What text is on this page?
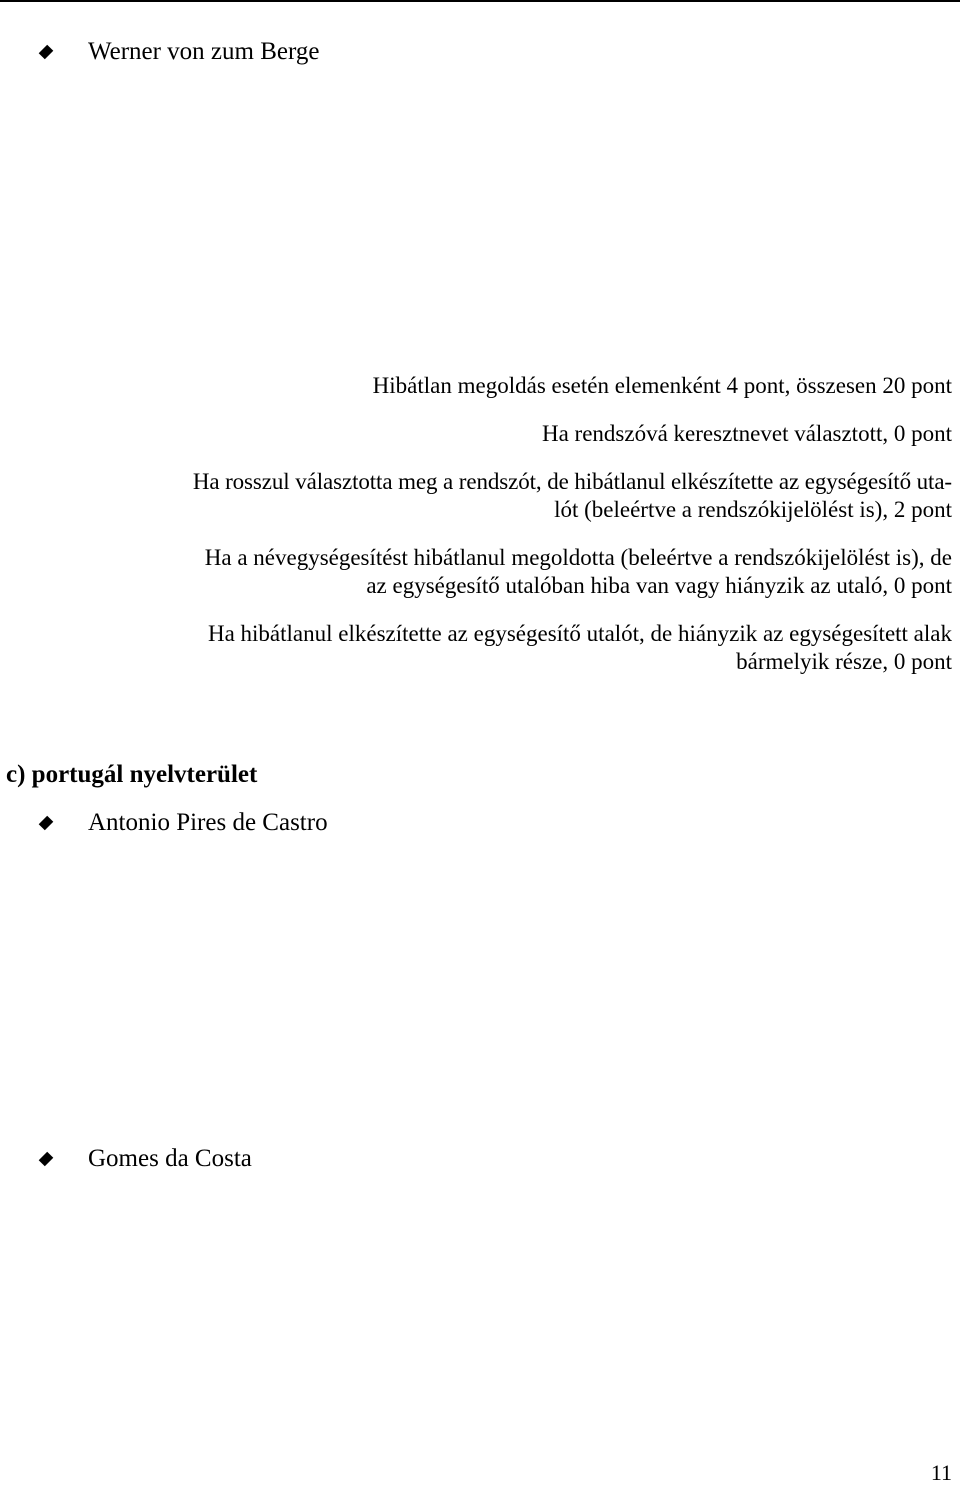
Werner von zum Berge

Hibátlan megoldás esetén elemenként 4 pont, összesen 20 pont

Ha rendszóvá keresztnevet választott, 0 pont

Ha rosszul választotta meg a rendszót, de hibátlanul elkészítette az egységesítő uta-

lót (beleértve a rendszókijelölést is), 2 pont

Ha a névegységesítést hibátlanul megoldotta (beleértve a rendszókijelölést is), de

az egységesítő utalóban hiba van vagy hiányzik az utaló, 0 pont

Ha hibátlanul elkészítette az egységesítő utalót, de hiányzik az egységesített alak

bármelyik része, 0 pont

c) portugál nyelvterület
Antonio Pires de Castro
Gomes da Costa
11
